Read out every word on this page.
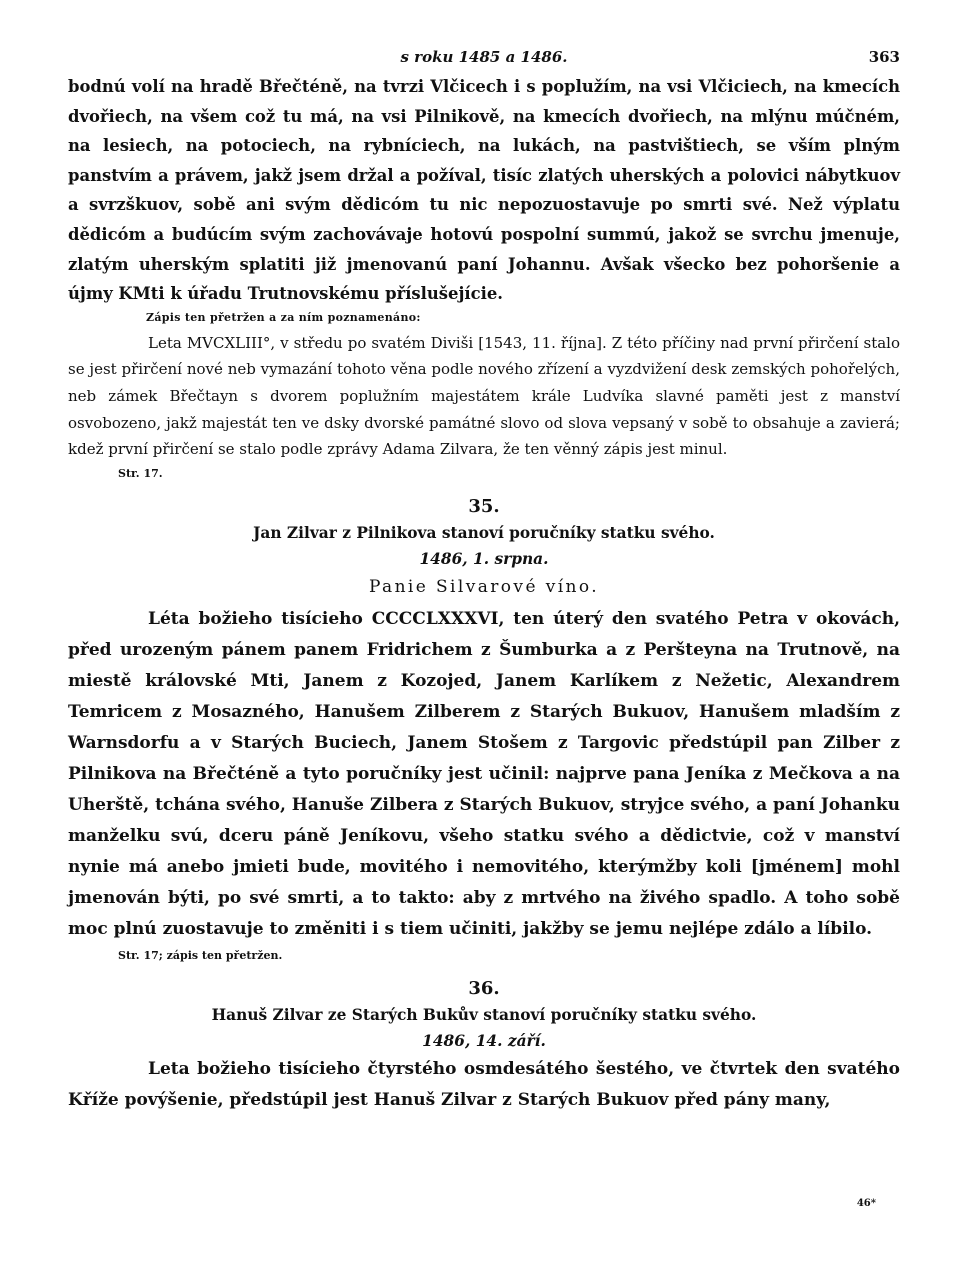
s roku 1485 a 1486.	363

bodnú volí na hradě Břečténě, na tvrzi Vlčicech i s poplužím, na vsi Vlčiciech, na kmecích dvořiech, na všem což tu má, na vsi Pilnikově, na kmecích dvořiech, na mlýnu múčném, na lesiech, na potociech, na rybníciech, na lukách, na pastvištiech, se vším plným panstvím a právem, jakž jsem držal a požíval, tisíc zlatých uherských a polovici nábytkuov a svrzškuov, sobě ani svým dědicóm tu nic nepozuostavuje po smrti své. Než výplatu dědicóm a budúcím svým zachovávaje hotovú pospolní summú, jakož se svrchu jmenuje, zlatým uherským splatiti již jmenovanú paní Johannu. Avšak všecko bez pohoršenie a újmy KMti k úřadu Trutnovskému příslušejície.

Zápis ten přetržen a za ním poznamenáno:

Leta MVCXLIII°, v středu po svatém Diviši [1543, 11. října]. Z této příčiny nad první přirčení stalo se jest přirčení nové neb vymazání tohoto věna podle nového zřízení a vyzdvižení desk zemských pohořelých, neb zámek Břečtayn s dvorem poplužním majestátem krále Ludvíka slavné paměti jest z manství osvobozeno, jakž majestát ten ve dsky dvorské památné slovo od slova vepsaný v sobě to obsahuje a zavierá; kdež první přirčení se stalo podle zprávy Adama Zilvara, že ten věnný zápis jest minul.

Str. 17.
35.
Jan Zilvar z Pilnikova stanoví poručníky statku svého.
1486, 1. srpna.
Panie Silvarové víno.

Léta božieho tisícieho CCCCLXXXVI, ten úterý den svatého Petra v okovách, před urozeným pánem panem Fridrichem z Šumburka a z Peršteyna na Trutnově, na miestě královské Mti, Janem z Kozojed, Janem Karlíkem z Nežetic, Alexandrem Temricem z Mosazného, Hanušem Zilberem z Starých Bukuov, Hanušem mladším z Warnsdorfu a v Starých Buciech, Janem Stošem z Targovic předstúpil pan Zilber z Pilnikova na Břečténě a tyto poručníky jest učinil: najprve pana Jeníka z Mečkova a na Uherště, tchána svého, Hanuše Zilbera z Starých Bukuov, stryjce svého, a paní Johanku manželku svú, dceru páně Jeníkovu, všeho statku svého a dědictvie, což v manství nynie má anebo jmieti bude, movitého i nemovitého, kterýmžby koli [jménem] mohl jmenován býti, po své smrti, a to takto: aby z mrtvého na živého spadlo. A toho sobě moc plnú zuostavuje to změniti i s tiem učiniti, jakžby se jemu nejlépe zdálo a líbilo.

Str. 17; zápis ten přetržen.
36.
Hanuš Zilvar ze Starých Bukův stanoví poručníky statku svého.
1486, 14. září.

Leta božieho tisícieho čtyrstého osmdesátého šestého, ve čtvrtek den svatého Kříže povýšenie, předstúpil jest Hanuš Zilvar z Starých Bukuov před pány many,

46*
